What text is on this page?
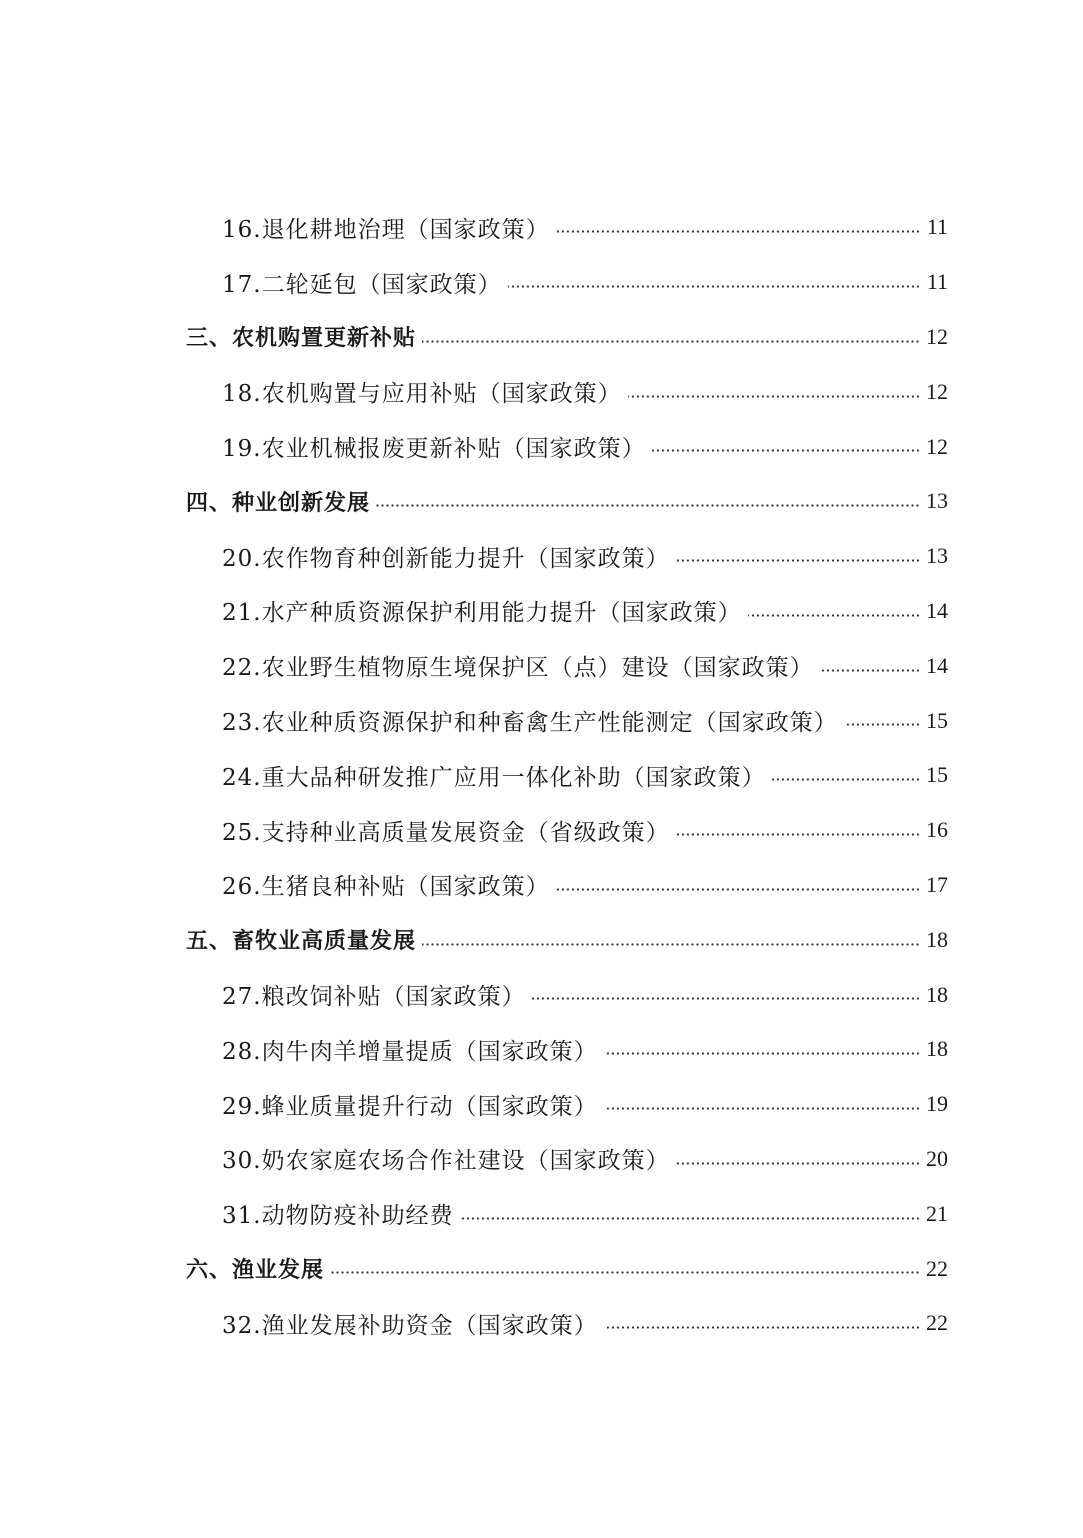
16.退化耕地治理（国家政策）	11
17.二轮延包（国家政策）	11
三、农机购置更新补贴	12
18.农机购置与应用补贴（国家政策）	12
19.农业机械报废更新补贴（国家政策）	12
四、种业创新发展	13
20.农作物育种创新能力提升（国家政策）	13
21.水产种质资源保护利用能力提升（国家政策）	14
22.农业野生植物原生境保护区（点）建设（国家政策）	14
23.农业种质资源保护和种畜禽生产性能测定（国家政策）	15
24.重大品种研发推广应用一体化补助（国家政策）	15
25.支持种业高质量发展资金（省级政策）	16
26.生猪良种补贴（国家政策）	17
五、畜牧业高质量发展	18
27.粮改饲补贴（国家政策）	18
28.肉牛肉羊增量提质（国家政策）	18
29.蜂业质量提升行动（国家政策）	19
30.奶农家庭农场合作社建设（国家政策）	20
31.动物防疫补助经费	21
六、渔业发展	22
32.渔业发展补助资金（国家政策）	22
